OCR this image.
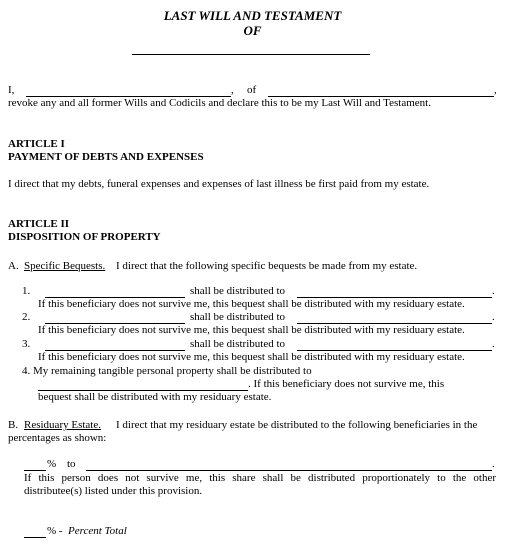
LAST WILL AND TESTAMENT
OF
I,	, of	,
revoke any and all former Wills and Codicils and declare this to be my Last Will and Testament.
ARTICLE I
PAYMENT OF DEBTS AND EXPENSES
I direct that my debts, funeral expenses and expenses of last illness be first paid from my estate.
ARTICLE II
DISPOSITION OF PROPERTY
A. Specific Bequests. I direct that the following specific bequests be made from my estate.
1.	shall be distributed to	.
If this beneficiary does not survive me, this bequest shall be distributed with my residuary estate.
2.	shall be distributed to	.
If this beneficiary does not survive me, this bequest shall be distributed with my residuary estate.
3.	shall be distributed to	.
If this beneficiary does not survive me, this bequest shall be distributed with my residuary estate.
4. My remaining tangible personal property shall be distributed to
. If this beneficiary does not survive me, this
bequest shall be distributed with my residuary estate.
B. Residuary Estate. I direct that my residuary estate be distributed to the following beneficiaries in the
percentages as shown:
% to	.
If this person does not survive me, this share shall be distributed proportionately to the other
distributee(s) listed under this provision.
% - Percent Total
